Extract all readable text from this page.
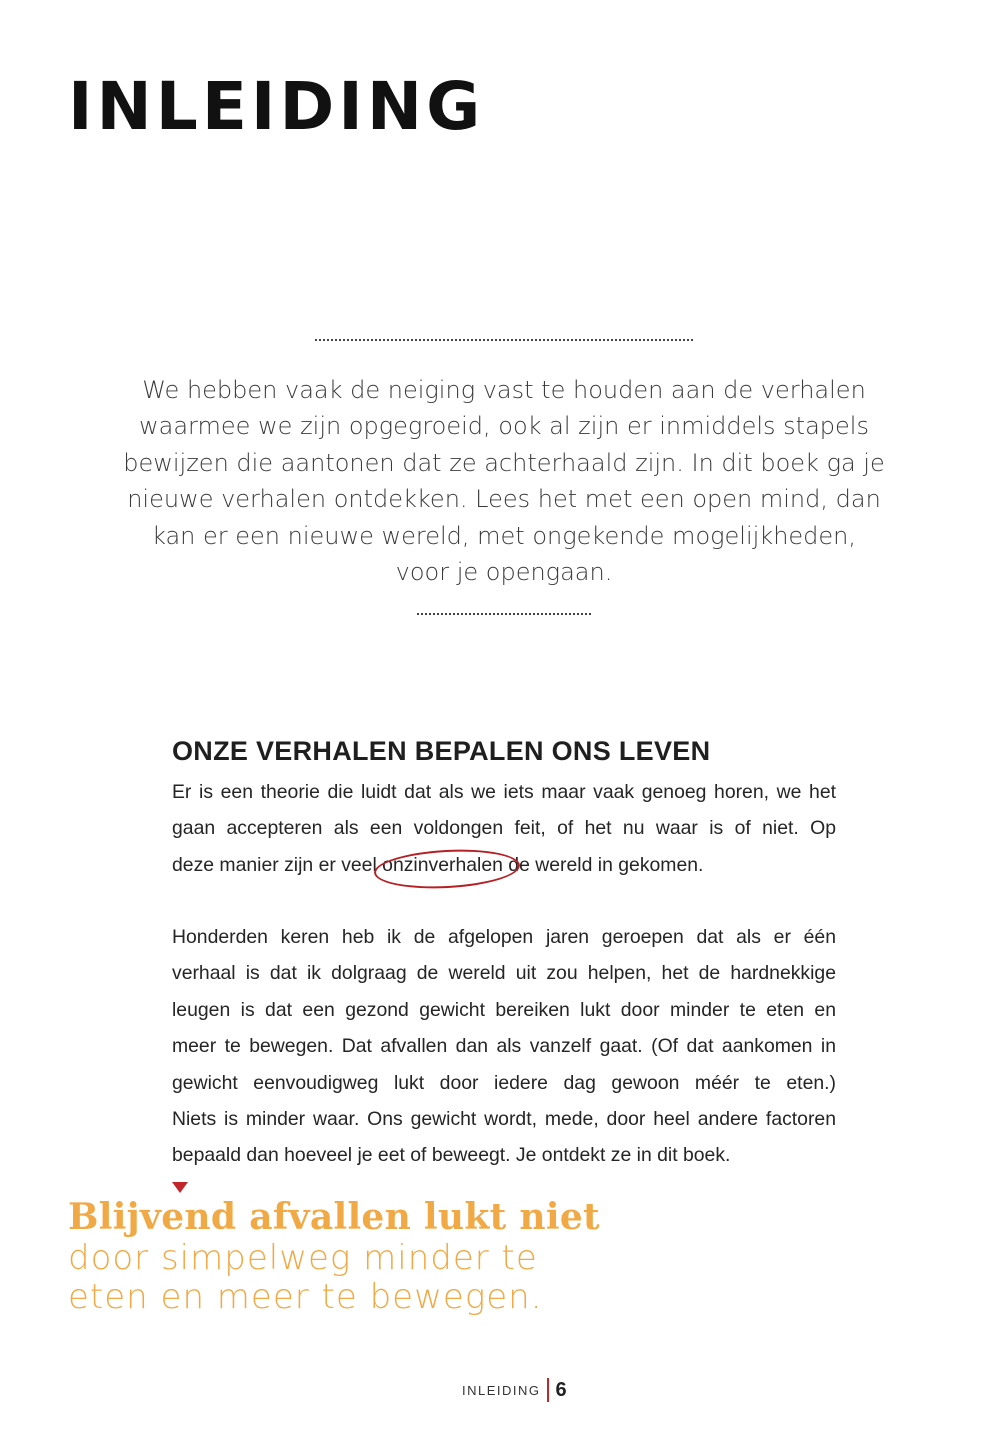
INLEIDING

We hebben vaak de neiging vast te houden aan de verhalen
waarmee we zijn opgegroeid, ook al zijn er inmiddels stapels
bewijzen die aantonen dat ze achterhaald zijn. In dit boek ga je
nieuwe verhalen ontdekken. Lees het met een open mind, dan
kan er een nieuwe wereld, met ongekende mogelijkheden,
voor je opengaan.

ONZE VERHALEN BEPALEN ONS LEVEN

Er is een theorie die luidt dat als we iets maar vaak genoeg horen, we het
gaan accepteren als een voldongen feit, of het nu waar is of niet. Op
deze manier zijn er veel onzinverhalen
de wereld in gekomen.

Honderden keren heb ik de afgelopen jaren geroepen dat als er één
verhaal is dat ik dolgraag de wereld uit zou helpen, het de hardnekkige
leugen is dat een gezond gewicht bereiken lukt door minder te eten en
meer te bewegen. Dat afvallen dan als vanzelf gaat. (Of dat aankomen in
gewicht eenvoudigweg lukt door iedere dag gewoon méér te eten.)
Niets is minder waar. Ons gewicht wordt, mede, door heel andere factoren
bepaald dan hoeveel je eet of beweegt. Je ontdekt ze in dit boek.

Blijvend afvallen lukt niet
door simpelweg minder te
eten en meer te bewegen.

INLEIDING 6
